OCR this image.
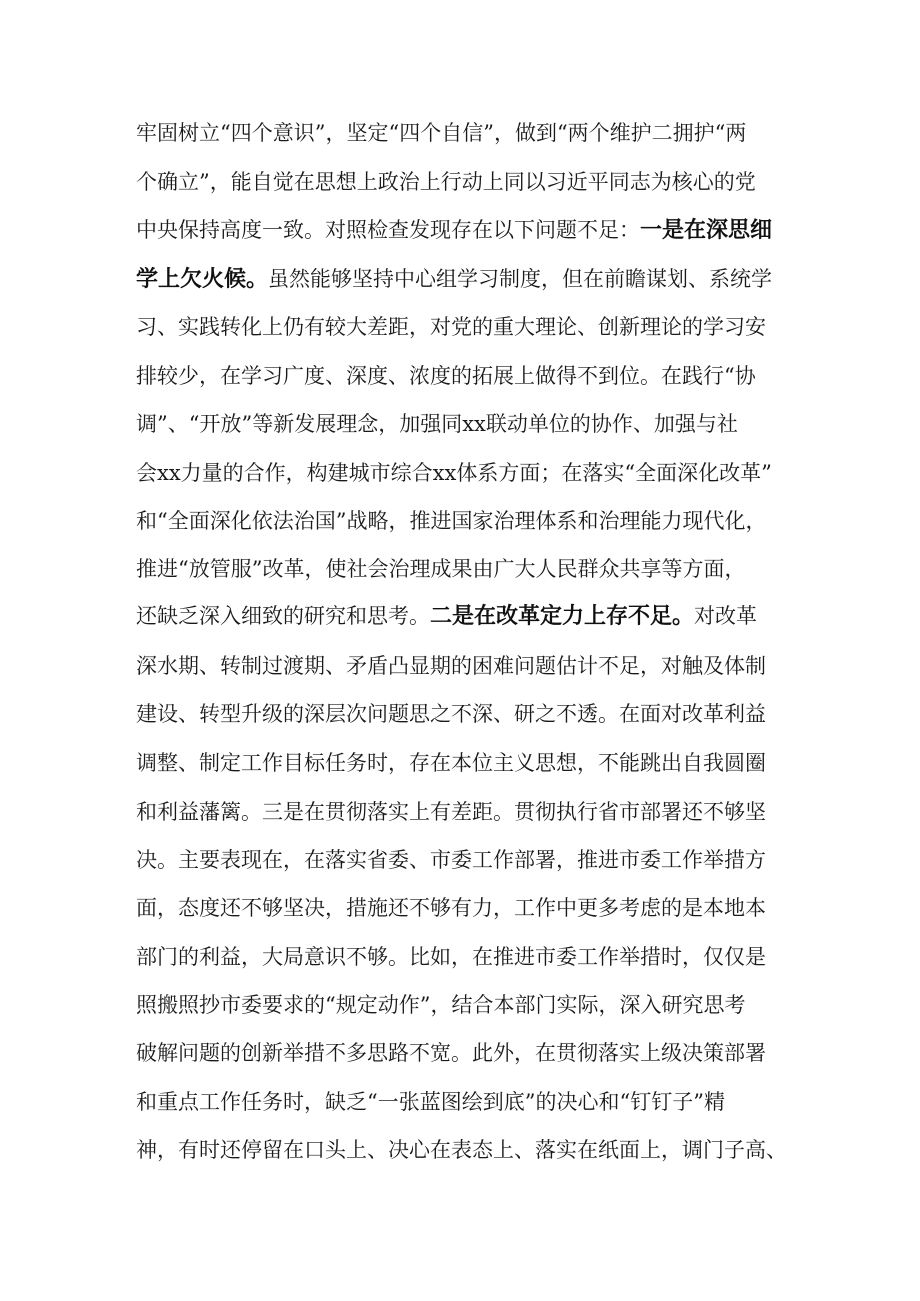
牢固树立“四个意识”，坚定“四个自信”，做到“两个维护二拥护“两
个确立”，能自觉在思想上政治上行动上同以习近平同志为核心的党
中央保持高度一致。对照检查发现存在以下问题不足：一是在深思细
学上欠火候。虽然能够坚持中心组学习制度，但在前瞻谋划、系统学
习、实践转化上仍有较大差距，对党的重大理论、创新理论的学习安
排较少，在学习广度、深度、浓度的拓展上做得不到位。在践行“协
调”、“开放”等新发展理念，加强同xx联动单位的协作、加强与社
会xx力量的合作，构建城市综合xx体系方面；在落实“全面深化改革”
和“全面深化依法治国”战略，推进国家治理体系和治理能力现代化，
推进“放管服”改革，使社会治理成果由广大人民群众共享等方面，
还缺乏深入细致的研究和思考。二是在改革定力上存不足。对改革
深水期、转制过渡期、矛盾凸显期的困难问题估计不足，对触及体制
建设、转型升级的深层次问题思之不深、研之不透。在面对改革利益
调整、制定工作目标任务时，存在本位主义思想，不能跳出自我圆圈
和利益藩篱。三是在贯彻落实上有差距。贯彻执行省市部署还不够坚
决。主要表现在，在落实省委、市委工作部署，推进市委工作举措方
面，态度还不够坚决，措施还不够有力，工作中更多考虑的是本地本
部门的利益，大局意识不够。比如，在推进市委工作举措时，仅仅是
照搬照抄市委要求的“规定动作”，结合本部门实际，深入研究思考
破解问题的创新举措不多思路不宽。此外，在贯彻落实上级决策部署
和重点工作任务时，缺乏“一张蓝图绘到底”的决心和“钉钉子”精
神，有时还停留在口头上、决心在表态上、落实在纸面上，调门子高、
